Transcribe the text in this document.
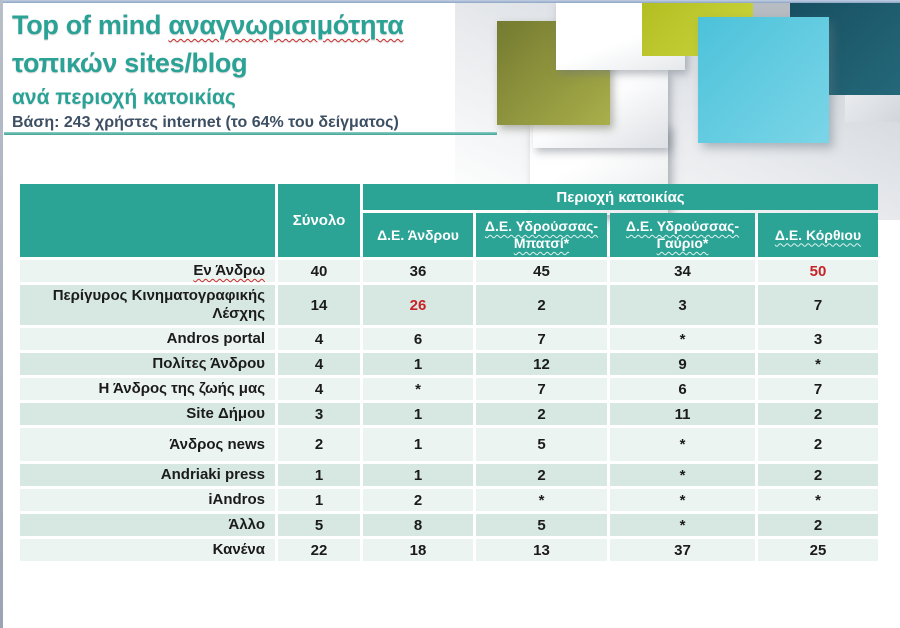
Top of mind αναγνωρισιμότητα
τοπικών sites/blog
ανά περιοχή κατοικίας
Βάση: 243 χρήστες internet (το 64% του δείγματος)
Σύνολο
Περιοχή κατοικίας
Δ.Ε. Άνδρου
Δ.Ε. Υδρούσσας-Μπατσί*
Δ.Ε. Υδρούσσας-Γαύριο*
Δ.Ε. Κόρθιου
Εν Άνδρω	40	36	45	34	50
Περίγυρος Κινηματογραφικής Λέσχης	14	26	2	3	7
Andros portal	4	6	7	*	3
Πολίτες Άνδρου	4	1	12	9	*
Η Άνδρος της ζωής μας	4	*	7	6	7
Site Δήμου	3	1	2	11	2
Άνδρος news	2	1	5	*	2
Andriaki press	1	1	2	*	2
iAndros	1	2	*	*	*
Άλλο	5	8	5	*	2
Κανένα	22	18	13	37	25
